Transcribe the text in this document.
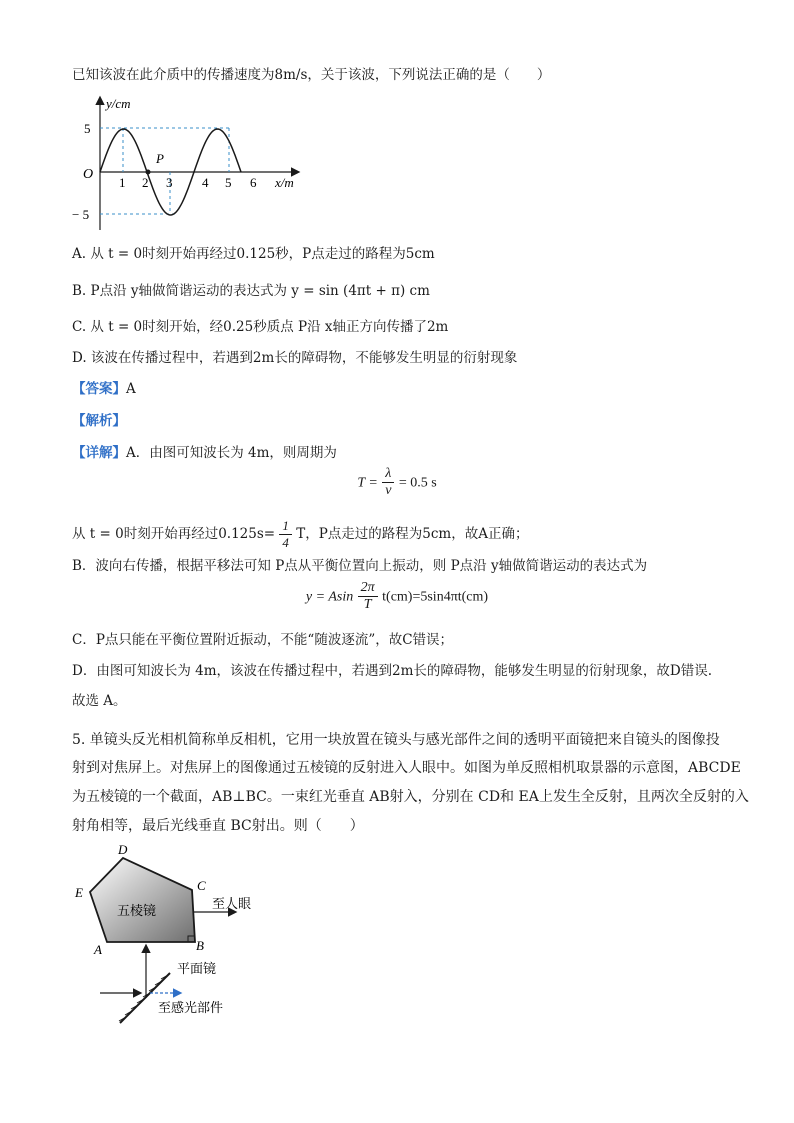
已知该波在此介质中的传播速度为8m/s，关于该波，下列说法正确的是（　　）
y/cm
O
P
x/m
1 2 3 4 5 6
5
− 5
A. 从 t = 0时刻开始再经过0.125秒，P点走过的路程为5cm
B. P点沿 y轴做简谐运动的表达式为 y = sin (4πt + π) cm
C. 从 t = 0时刻开始，经0.25秒质点 P沿 x轴正方向传播了2m
D. 该波在传播过程中，若遇到2m长的障碍物，不能够发生明显的衍射现象
【答案】A
【解析】
【详解】A．由图可知波长为 4m，则周期为
$T = \frac{\lambda}{v} = 0.5$ s
从 t = 0时刻开始再经过$0.125s= \frac{1}{4}$ T，P点走过的路程为5cm，故A正确；
B．波向右传播，根据平移法可知 P点从平衡位置向上振动，则 P点沿 y轴做简谐运动的表达式为
y = Asin $\frac{2\pi}{T} t(cm)=5\sin 4\pi t(cm)$
C．P点只能在平衡位置附近振动，不能“随波逐流”，故C错误；
D．由图可知波长为 4m，该波在传播过程中，若遇到2m长的障碍物，能够发生明显的衍射现象，故D错误.
故选 A。
5. 单镜头反光相机简称单反相机，它用一块放置在镜头与感光部件之间的透明平面镜把来自镜头的图像投
射到对焦屏上。对焦屏上的图像通过五棱镜的反射进入人眼中。如图为单反照相机取景器的示意图，ABCDE
为五棱镜的一个截面，AB⊥BC。一束红光垂直 AB射入，分别在 CD和 EA上发生全反射，且两次全反射的入
射角相等，最后光线垂直 BC射出。则（　　）
D
E	C
A	B
五棱镜	至人眼
平面镜
至感光部件
